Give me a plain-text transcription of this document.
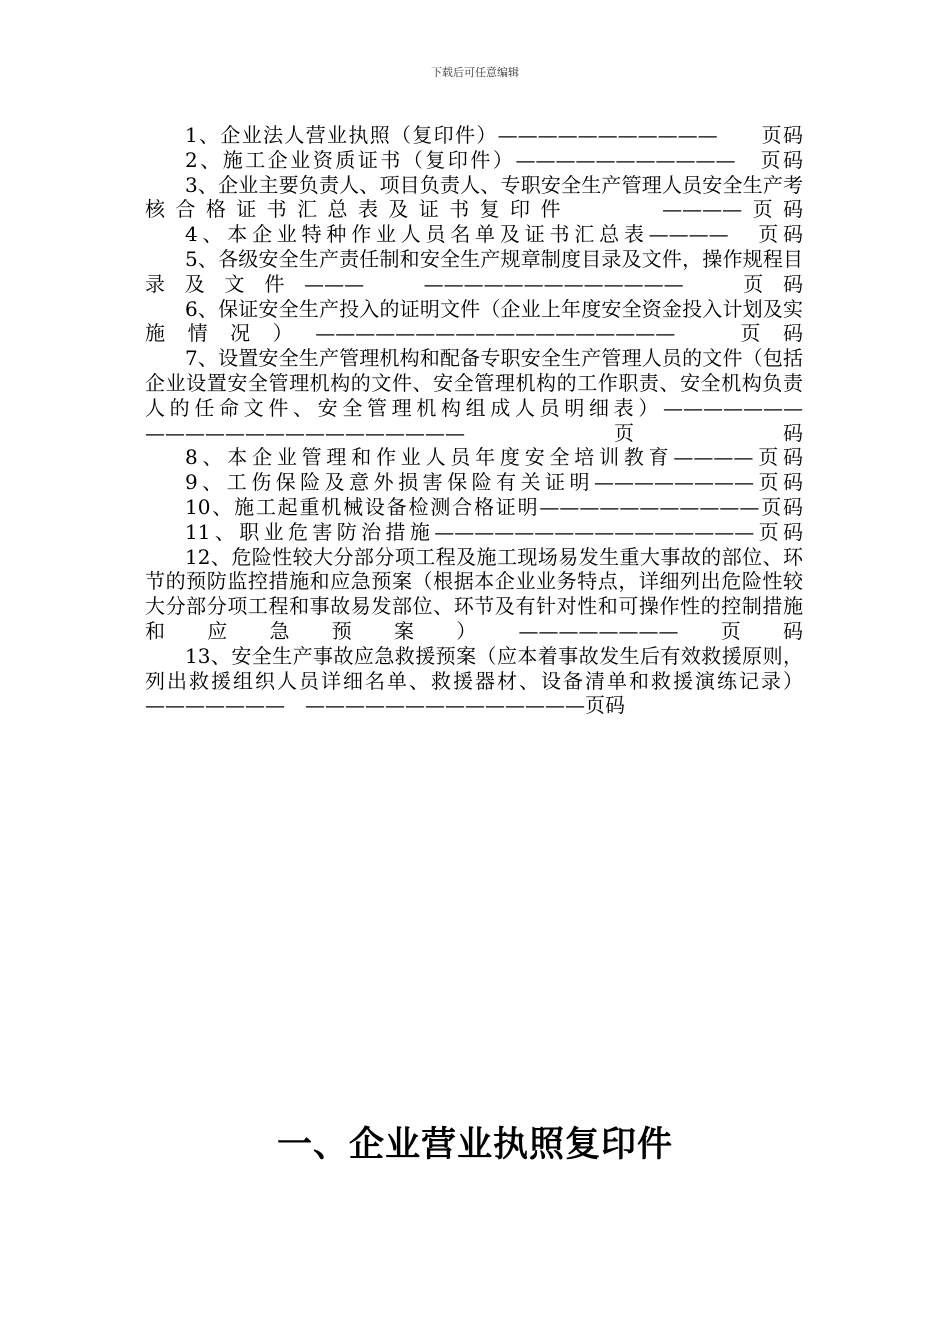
下载后可任意编辑

1、企业法人营业执照（复印件）———————————　　页码

2、施工企业资质证书（复印件）———————————　页码

3、企业主要负责人、项目负责人、专职安全生产管理人员安全生产考核合格证书汇总表及证书复印件　　　————页码

4、本企业特种作业人员名单及证书汇总表————　页码

5、各级安全生产责任制和安全生产规章制度目录及文件，操作规程目录及文件———　—————————————　页码

6、保证安全生产投入的证明文件（企业上年度安全资金投入计划及实施情况）——————————————————　页码

7、设置安全生产管理机构和配备专职安全生产管理人员的文件（包括企业设置安全管理机构的文件、安全管理机构的工作职责、安全机构负责人的任命文件、安全管理机构组成人员明细表）———————　————————————————页码

8、本企业管理和作业人员年度安全培训教育————页码

9、工伤保险及意外损害保险有关证明————————页码

10、施工起重机械设备检测合格证明———————————页码

11、职业危害防治措施————————————————页码

12、危险性较大分部分项工程及施工现场易发生重大事故的部位、环节的预防监控措施和应急预案（根据本企业业务特点，详细列出危险性较大分部分项工程和事故易发部位、环节及有针对性和可操作性的控制措施和应急预案）————————页码

13、安全生产事故应急救援预案（应本着事故发生后有效救援原则，列出救援组织人员详细名单、救援器材、设备清单和救援演练记录）———————　——————————————页码

一、企业营业执照复印件
